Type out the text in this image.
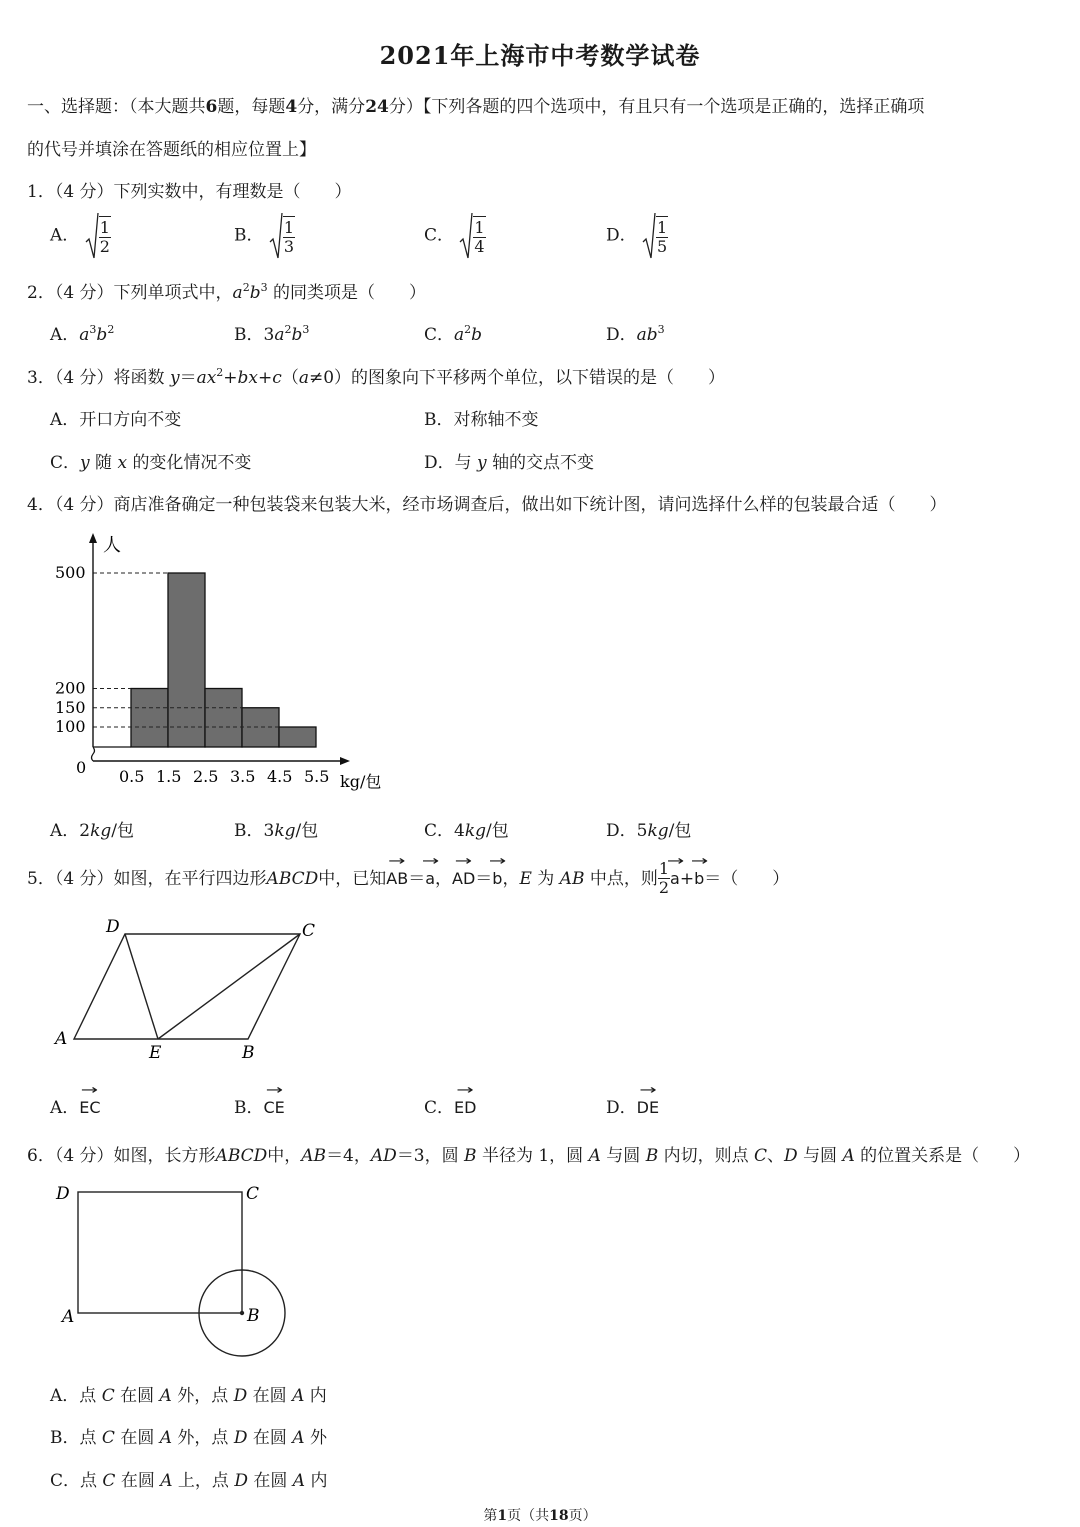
2021年上海市中考数学试卷
一、选择题：（本大题共6题，每题4分，满分24分）【下列各题的四个选项中，有且只有一个选项是正确的，选择正确项
的代号并填涂在答题纸的相应位置上】
1．（4 分）下列实数中，有理数是（　　）
A． $\frac{1}{2}$	B． $\frac{1}{3}$	C． $\frac{1}{4}$	D． $\frac{1}{5}$
2．（4 分）下列单项式中，$a^2b^3$ 的同类项是（　　）
A．$a^3b^2$	B．$3a^2b^3$	C．$a^2b$	D．$ab^3$
3．（4 分）将函数 $y=ax^2+bx+c(a\ne 0)$的图象向下平移两个单位，以下错误的是（　　）
A．开口方向不变	B．对称轴不变
C．y 随 x 的变化情况不变	D．与 y 轴的交点不变
4．（4 分）商店准备确定一种包装袋来包装大米，经市场调查后，做出如下统计图，请问选择什么样的包装最合适（　　）
0
100
150
200
500
0.5 1.5 2.5 3.5 4.5 5.5 kg/包
人
A．2kg/包	B．3kg/包	C．4kg/包	D．5kg/包
5．（4 分）如图，在平行四边形ABCD中，已知→ AB＝→ a，→ AD＝→ b，E 为 AB 中点，则 $\frac{1}{2}$
→ a+→ b＝（　　）
D	C
A
E	B
A．→ EC	B．→ CE	C．→ ED	D．→ DE
6．（4 分）如图，长方形ABCD中，AB＝4，AD＝3，圆 B 半径为 1，圆 A 与圆 B 内切，则点 C、D 与圆 A 的位置关系是（　　）
D	C
A	B
A．点 C 在圆 A 外，点 D 在圆 A 内
B．点 C 在圆 A 外，点 D 在圆 A 外
C．点 C 在圆 A 上，点 D 在圆 A 内
第1页（共18页）
